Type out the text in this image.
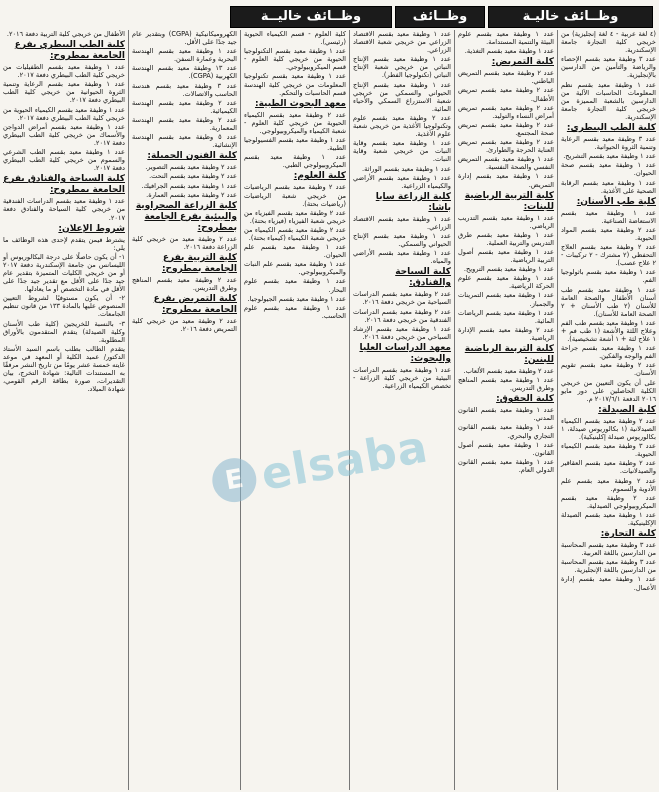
وظــائف خاليـة
وظــائف
وظــائف خاليــة
(٤ لغة عربية - ٤ لغة إنجليزية) من خريجي كلية التجارة جامعة الإسكندرية.
عدد ٣ وظيفة معيد بقسم الإحصاء والرياضة والتأمين من الدارسين بالإنجليزية.
عدد ١ وظيفة معيد بقسم نظم المعلومات الحاسبات الآلية من الدارسين بالشعبة المميزة من خريجي كلية التجارة جامعة الإسكندرية.
كلية الطب البيطري:
عدد ٣ وظيفة معيد بقسم الرعاية وتنمية الثروة الحيوانية.
عدد ١ وظيفة معيد بقسم التشريح.
عدد ١ وظيفة معيد بقسم صحة الحيوان.
عدد ١ وظيفة معيد بقسم الرقابة الصحية على الأغذية.
كلية طب الأسنان:
عدد ١ وظيفة معيد بقسم الاستعاضة الصناعية.
عدد ٢ وظيفة معيد بقسم المواد الحيوية.
عدد ٢ وظيفة معيد بقسم العلاج التحفظي (٢ مشترك - ٢ تركيبات - ٢ علاج عصب).
عدد ١ وظيفة معيد بقسم باثولوجيا الفم.
عدد ١ وظيفة معيد بقسم طب أسنان الأطفال والصحة العامة للأسنان (٢ طب الأسنان + ٢ الصحة العامة للأسنان).
عدد ١ وظيفة معيد بقسم طب الفم وعلاج اللثة والأشعة (١ طب فم + ١ علاج لثة + ١ أشعة تشخيصية).
عدد ١ وظيفة معيد بقسم جراحة الفم والوجه والفكين.
عدد ٢ وظيفة معيد بقسم تقويم الأسنان.
على أن يكون التعيين من خريجي الكلية الحاصلين على دور مايو ٢٠١٦ الدفعة ٢٠١٧/٦/١ م.
كلية الصيدلة:
عدد ٢ وظيفة معيد بقسم الكيمياء الصيدلانية (١ بكالوريوس صيدلة، ١ بكالوريوس صيدلة إكلينيكية).
عدد ٣ وظيفة معيد بقسم الكيمياء الحيوية.
عدد ٢ وظيفة معيد بقسم العقاقير والصيدلانيات.
عدد ٢ وظيفة معيد بقسم علم الأدوية والسموم.
عدد ٢ وظيفة معيد بقسم الميكروبيولوجي الصيدلية.
عدد ١ وظيفة معيد بقسم الصيدلة الإكلينيكية.
كلية التجارة:
عدد ٣ وظيفة معيد بقسم المحاسبة من الدارسين باللغة العربية.
عدد ٣ وظيفة معيد بقسم المحاسبة من الدارسين باللغة الإنجليزية.
عدد ١ وظيفة معيد بقسم إدارة الأعمال.
عدد ١ وظيفة معيد بقسم علوم البيئة والتنمية المستدامة.
عدد ١ وظيفة معيد بقسم التغذية.
كلية التمريض:
عدد ٢ وظيفة معيد بقسم التمريض الباطني.
عدد ٢ وظيفة معيد بقسم تمريض الأطفال.
عدد ٢ وظيفة معيد بقسم تمريض أمراض النساء والتوليد.
عدد ٢ وظيفة معيد بقسم تمريض صحة المجتمع.
عدد ٢ وظيفة معيد بقسم تمريض العناية الحرجة والطوارئ.
عدد ١ وظيفة معيد بقسم التمريض النفسي والصحة النفسية.
عدد ١ وظيفة معيد بقسم إدارة التمريض.
كلية التربية الرياضية للبنات:
عدد ١ وظيفة معيد بقسم التدريب الرياضي.
عدد ١ وظيفة معيد بقسم طرق التدريس والتربية العملية.
عدد ١ وظيفة معيد بقسم أصول التربية الرياضية.
عدد ١ وظيفة معيد بقسم الترويح.
عدد ١ وظيفة معيد بقسم علوم الحركة الرياضية.
عدد ١ وظيفة معيد بقسم التمرينات والجمباز.
عدد ١ وظيفة معيد بقسم الرياضات المائية.
عدد ٢ وظيفة معيد بقسم الإدارة الرياضية.
كلية التربية الرياضية للبنين:
عدد ٢ وظيفة معيد بقسم الألعاب.
عدد ١ وظيفة معيد بقسم المناهج وطرق التدريس.
كلية الحقوق:
عدد ١ وظيفة معيد بقسم القانون المدني.
عدد ١ وظيفة معيد بقسم القانون التجاري والبحري.
عدد ١ وظيفة معيد بقسم أصول القانون.
عدد ١ وظيفة معيد بقسم القانون الدولي العام.
عدد ١ وظيفة معيد بقسم الاقتصاد الزراعي من خريجي شعبة الاقتصاد الزراعي.
عدد ١ وظيفة معيد بقسم الإنتاج النباتي من خريجي شعبة الإنتاج النباتي (تكنولوجيا الفطر).
عدد ١ وظيفة معيد بقسم الإنتاج الحيواني والسمكي من خريجي شعبة الاستزراع السمكي والأحياء المائية.
عدد ٢ وظيفة معيد بقسم علوم وتكنولوجيا الأغذية من خريجي شعبة علوم الأغذية.
عدد ١ وظيفة معيد بقسم وقاية النبات من خريجي شعبة وقاية النبات.
عدد ١ وظيفة معيد بقسم الوراثة.
عدد ١ وظيفة معيد بقسم الأراضي والكيمياء الزراعية.
كلية الزراعة سابا باشا:
عدد ١ وظيفة معيد بقسم الاقتصاد الزراعي.
عدد ١ وظيفة معيد بقسم الإنتاج الحيواني والسمكي.
عدد ١ وظيفة معيد بقسم الأراضي والمياه.
كلية السياحة والفنادق:
عدد ٢ وظيفة معيد بقسم الدراسات السياحية من خريجي دفعة ٢٠١٦.
عدد ٢ وظيفة معيد بقسم الدراسات الفندقية من خريجي دفعة ٢٠١٦.
عدد ١ وظيفة معيد بقسم الإرشاد السياحي من خريجي دفعة ٢٠١٦.
معهد الدراسات العليا والبحوث:
عدد ١ وظيفة معيد بقسم الدراسات البيئية من خريجي كلية الزراعة - تخصص الكيمياء الزراعية.
كلية العلوم - قسم الكيمياء الحيوية (رئيسي).
عدد ١ وظيفة معيد بقسم التكنولوجيا الحيوية من خريجي كلية العلوم - قسم الميكروبيولوجي.
عدد ١ وظيفة معيد بقسم تكنولوجيا المعلومات من خريجي كلية الهندسة قسم الحاسبات والتحكم.
معهد البحوث الطبية:
عدد ٢ وظيفة معيد بقسم الكيمياء الحيوية من خريجي كلية العلوم - شعبة الكيمياء والميكروبيولوجي.
عدد ١ وظيفة معيد بقسم الفسيولوجيا الطبية.
عدد ١ وظيفة معيد بقسم الميكروبيولوجي الطبي.
كلية العلوم:
عدد ٢ وظيفة معيد بقسم الرياضيات من خريجي شعبة الرياضيات (رياضيات بحتة).
عدد ٢ وظيفة معيد بقسم الفيزياء من خريجي شعبة الفيزياء (فيزياء بحتة).
عدد ٢ وظيفة معيد بقسم الكيمياء من خريجي شعبة الكيمياء (كيمياء بحتة).
عدد ١ وظيفة معيد بقسم علم الحيوان.
عدد ١ وظيفة معيد بقسم علم النبات والميكروبيولوجي.
عدد ١ وظيفة معيد بقسم علوم البحار.
عدد ١ وظيفة معيد بقسم الجيولوجيا.
عدد ١ وظيفة معيد بقسم علوم الحاسب.
الكهروميكانيكية (CGPA) وبتقدير عام جيد جدًا على الأقل.
عدد ١ وظيفة معيد بقسم الهندسة البحرية وعمارة السفن.
عدد ١٣ وظيفة معيد بقسم الهندسة الكهربية (CGPA).
عدد ٣ وظيفة معيد بقسم هندسة الحاسب والاتصالات.
عدد ٢ وظيفة معيد بقسم الهندسة الكيميائية.
عدد ٢ وظيفة معيد بقسم الهندسة المعمارية.
عدد ٥ وظيفة معيد بقسم الهندسة الإنشائية.
كلية الفنون الجميلة:
عدد ٢ وظيفة معيد بقسم التصوير.
عدد ٢ وظيفة معيد بقسم النحت.
عدد ١ وظيفة معيد بقسم الجرافيك.
عدد ٢ وظيفة معيد بقسم العمارة.
كلية الزراعة الصحراوية والبيئية بفرع الجامعة بمطروح:
عدد ٢ وظيفة معيد من خريجي كلية الزراعة دفعة ٢٠١٦.
كلية التربية بفرع الجامعة بمطروح:
عدد ٢ وظيفة معيد بقسم المناهج وطرق التدريس.
كلية التمريض بفرع الجامعة بمطروح:
عدد ٢ وظيفة معيد من خريجي كلية التمريض دفعة ٢٠١٦.
الأطفال من خريجي كلية التربية دفعة ٢٠١٦.
كلية الطب البيطري بفرع الجامعة بمطروح:
عدد ١ وظيفة معيد بقسم الطفيليات من خريجي كلية الطب البيطري دفعة ٢٠١٧.
عدد ١ وظيفة معيد بقسم الرعاية وتنمية الثروة الحيوانية من خريجي كلية الطب البيطري دفعة ٢٠١٧.
عدد ١ وظيفة معيد بقسم الكيمياء الحيوية من خريجي كلية الطب البيطري دفعة ٢٠١٧.
عدد ١ وظيفة معيد بقسم أمراض الدواجن والأسماك من خريجي كلية الطب البيطري دفعة ٢٠١٧.
عدد ١ وظيفة معيد بقسم الطب الشرعي والسموم من خريجي كلية الطب البيطري دفعة ٢٠١٧.
كلية السياحة والفنادق بفرع الجامعة بمطروح:
عدد ١ وظيفة معيد بقسم الدراسات الفندقية من خريجي كلية السياحة والفنادق دفعة ٢٠١٧.
شروط الإعلان:
يشترط فيمن يتقدم لإحدى هذه الوظائف ما يلي:
١- أن يكون حاصلًا على درجة البكالوريوس أو الليسانس من جامعة الإسكندرية دفعة ٢٠١٧ أو من خريجي الكليات المتميزة بتقدير عام جيد جدًا على الأقل مع تقدير جيد جدًا على الأقل في مادة التخصص أو ما يعادلها.
٢- أن يكون مستوفيًا لشروط التعيين المنصوص عليها بالمادة ١٣٣ من قانون تنظيم الجامعات.
٣- بالنسبة للخريجين (كلية طب الأسنان وكلية الصيدلة) يتقدم المتقدمون بالأوراق المطلوبة.
يتقدم الطالب بطلب باسم السيد الأستاذ الدكتور/ عميد الكلية أو المعهد في موعد غايته خمسة عشر يومًا من تاريخ النشر مرفقًا به المستندات التالية: شهادة التخرج، بيان التقديرات، صورة بطاقة الرقم القومي، شهادة الميلاد.
E elsaba
